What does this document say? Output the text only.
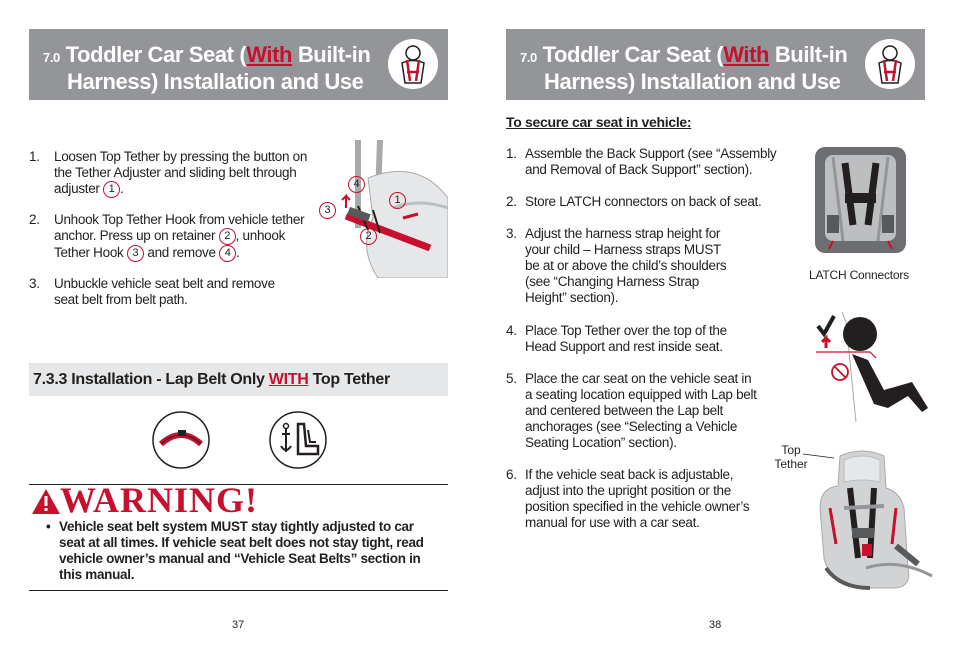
7.0 Toddler Car Seat (With Built-in
Harness) Installation and Use
1. Loosen Top Tether by pressing the button on
the Tether Adjuster and sliding belt through
adjuster 1 .
2. Unhook Top Tether Hook from vehicle tether
anchor. Press up on retainer 2 , unhook
Tether Hook 3 and remove 4 .
3. Unbuckle vehicle seat belt and remove
seat belt from belt path.
4
1
3
2
7.3.3 Installation - Lap Belt Only WITH Top Tether
WARNING!
• Vehicle seat belt system MUST stay tightly adjusted to car
seat at all times. If vehicle seat belt does not stay tight, read
vehicle owner’s manual and “Vehicle Seat Belts” section in
this manual.
37
7.0 Toddler Car Seat (With Built-in
Harness) Installation and Use
To secure car seat in vehicle:
1. Assemble the Back Support (see “Assembly
and Removal of Back Support” section).
2. Store LATCH connectors on back of seat.
3. Adjust the harness strap height for
your child – Harness straps MUST
be at or above the child’s shoulders
(see “Changing Harness Strap
Height” section).
4. Place Top Tether over the top of the
Head Support and rest inside seat.
5. Place the car seat on the vehicle seat in
a seating location equipped with Lap belt
and centered between the Lap belt
anchorages (see “Selecting a Vehicle
Seating Location” section).
6. If the vehicle seat back is adjustable,
adjust into the upright position or the
position specified in the vehicle owner’s
manual for use with a car seat.
LATCH Connectors
Top
Tether
38
